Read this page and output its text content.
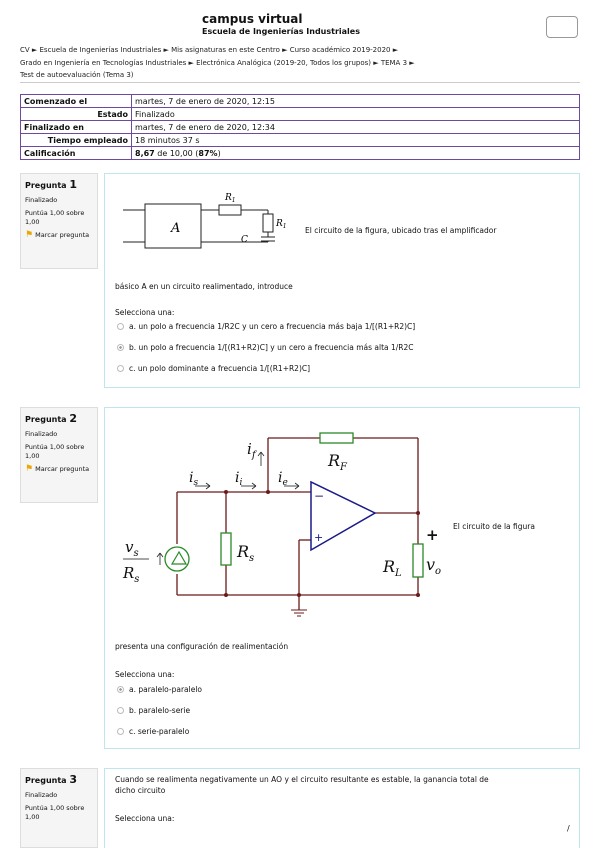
campus virtual
Escuela de Ingenierías Industriales
CV ► Escuela de Ingenierías Industriales ► Mis asignaturas en este Centro ► Curso académico 2019-2020 ►
Grado en Ingeniería en Tecnologías Industriales ► Electrónica Analógica (2019-20, Todos los grupos) ► TEMA 3 ►
Test de autoevaluación (Tema 3)
Comenzado el	martes, 7 de enero de 2020, 12:15
Estado	Finalizado
Finalizado en	martes, 7 de enero de 2020, 12:34
Tiempo empleado	18 minutos 37 s
Calificación	8,67 de 10,00 (87%)
Pregunta 1
Finalizado
Puntúa 1,00 sobre 1,00
⚑ Marcar pregunta	A
$R_1$
$R_1$
C
El circuito de la figura, ubicado tras el amplificador
básico A en un circuito realimentado, introduce
Selecciona una:
a. un polo a frecuencia 1/R2C y un cero a frecuencia más baja 1/[(R1+R2)C]
b. un polo a frecuencia 1/[(R1+R2)C] y un cero a frecuencia más alta 1/R2C
c. un polo dominante a frecuencia 1/[(R1+R2)C]
Pregunta 2
Finalizado
Puntúa 1,00 sobre 1,00
⚑ Marcar pregunta
$i_f$	$R_F$
$i_s$	$i_i$	$i_e$
$v_s$
$R_s$
$R_s$	$R_L$ $v_o$
−
+	+ El circuito de la figura
presenta una configuración de realimentación
Selecciona una:
a. paralelo-paralelo
b. paralelo-serie
c. serie-paralelo
Pregunta 3
Finalizado
Puntúa 1,00 sobre 1,00
Cuando se realimenta negativamente un AO y el circuito resultante es estable, la ganancia total de
dicho circuito
Selecciona una:
/
